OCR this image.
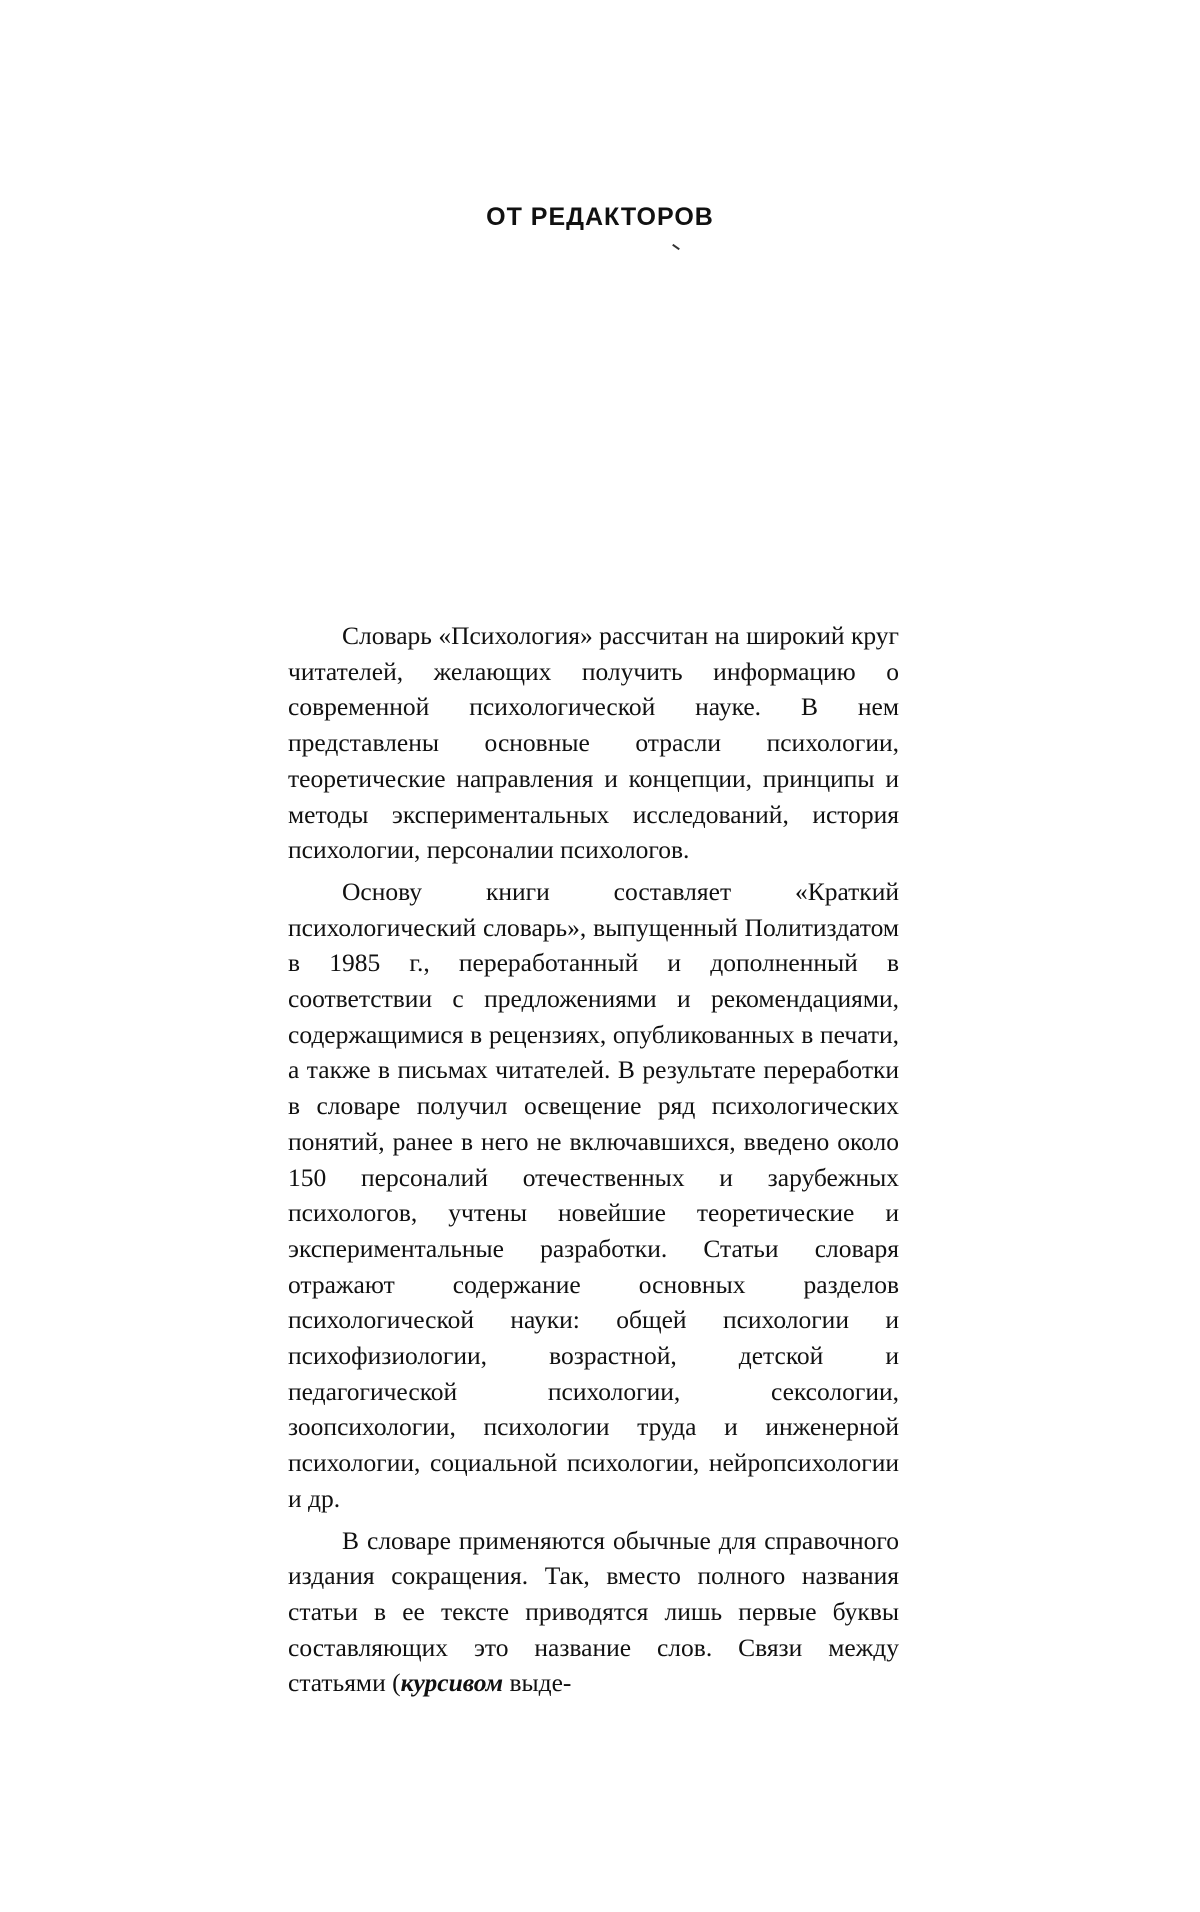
ОТ РЕДАКТОРОВ

Словарь «Психология» рассчитан на широкий круг читателей, желающих получить информацию о современной психологической науке. В нем представлены основные отрасли психологии, теоретические направления и концепции, принципы и методы экспериментальных исследований, история психологии, персоналии психологов.

Основу книги составляет «Краткий психологический словарь», выпущенный Политиздатом в 1985 г., переработанный и дополненный в соответствии с предложениями и рекомендациями, содержащимися в рецензиях, опубликованных в печати, а также в письмах читателей. В результате переработки в словаре получил освещение ряд психологических понятий, ранее в него не включавшихся, введено около 150 персоналий отечественных и зарубежных психологов, учтены новейшие теоретические и экспериментальные разработки. Статьи словаря отражают содержание основных разделов психологической науки: общей психологии и психофизиологии, возрастной, детской и педагогической психологии, сексологии, зоопсихологии, психологии труда и инженерной психологии, социальной психологии, нейропсихологии и др.

В словаре применяются обычные для справочного издания сокращения. Так, вместо полного названия статьи в ее тексте приводятся лишь первые буквы составляющих это название слов. Связи между статьями (курсивом выде-
